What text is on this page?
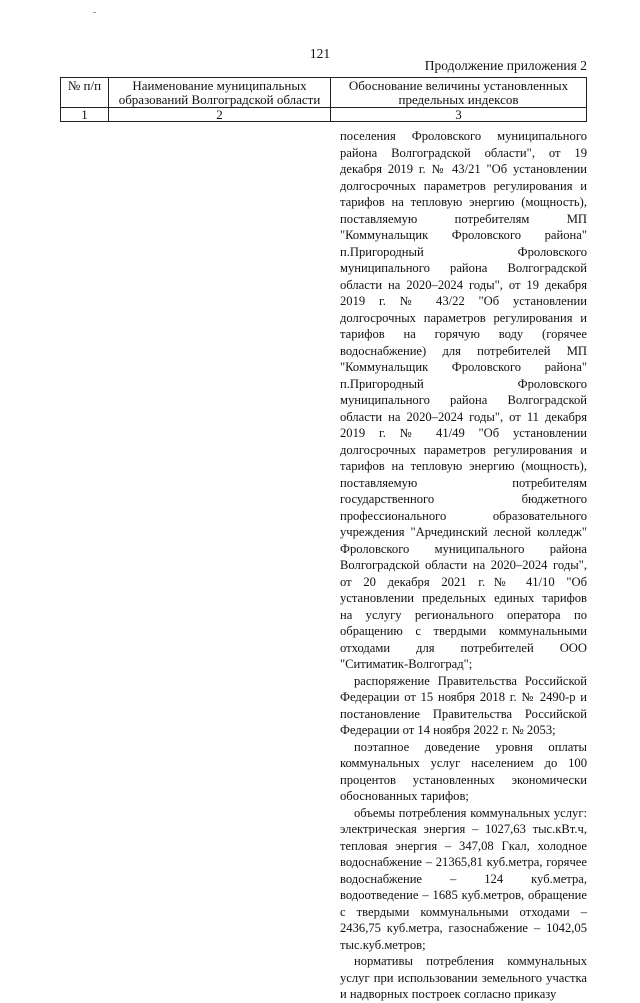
121
Продолжение приложения 2
№ п/п	Наименование муниципальных образований Волгоградской области	Обоснование величины установленных предельных индексов
1	2	3

поселения Фроловского муниципального района Волгоградской области", от 19 декабря 2019 г. № 43/21 "Об установлении долгосрочных параметров регулирования и тарифов на тепловую энергию (мощность), поставляемую потребителям МП "Коммунальщик Фроловского района" п.Пригородный Фроловского муниципального района Волгоградской области на 2020–2024 годы", от 19 декабря 2019 г. № 43/22 "Об установлении долгосрочных параметров регулирования и тарифов на горячую воду (горячее водоснабжение) для потребителей МП "Коммунальщик Фроловского района" п.Пригородный Фроловского муниципального района Волгоградской области на 2020–2024 годы", от 11 декабря 2019 г. № 41/49 "Об установлении долгосрочных параметров регулирования и тарифов на тепловую энергию (мощность), поставляемую потребителям государственного бюджетного профессионального образовательного учреждения "Арчединский лесной колледж" Фроловского муниципального района Волгоградской области на 2020–2024 годы", от 20 декабря 2021 г.№ 41/10 "Об установлении предельных единых тарифов на услугу регионального оператора по обращению с твердыми коммунальными отходами для потребителей ООО "Ситиматик-Волгоград";

распоряжение Правительства Российской Федерации от 15 ноября 2018 г. № 2490-р и постановление Правительства Российской Федерации от 14 ноября 2022 г. № 2053;

поэтапное доведение уровня оплаты коммунальных услуг населением до 100 процентов установленных экономически обоснованных тарифов;

объемы потребления коммунальных услуг: электрическая энергия – 1027,63 тыс.кВт.ч, тепловая энергия – 347,08 Гкал, холодное водоснабжение – 21365,81 куб.метра, горячее водоснабжение – 124 куб.метра, водоотведение – 1685 куб.метров, обращение с твердыми коммунальными отходами – 2436,75 куб.метра, газоснабжение – 1042,05 тыс.куб.метров;

нормативы потребления коммунальных услуг при использовании земельного участка и надворных построек согласно приказу
